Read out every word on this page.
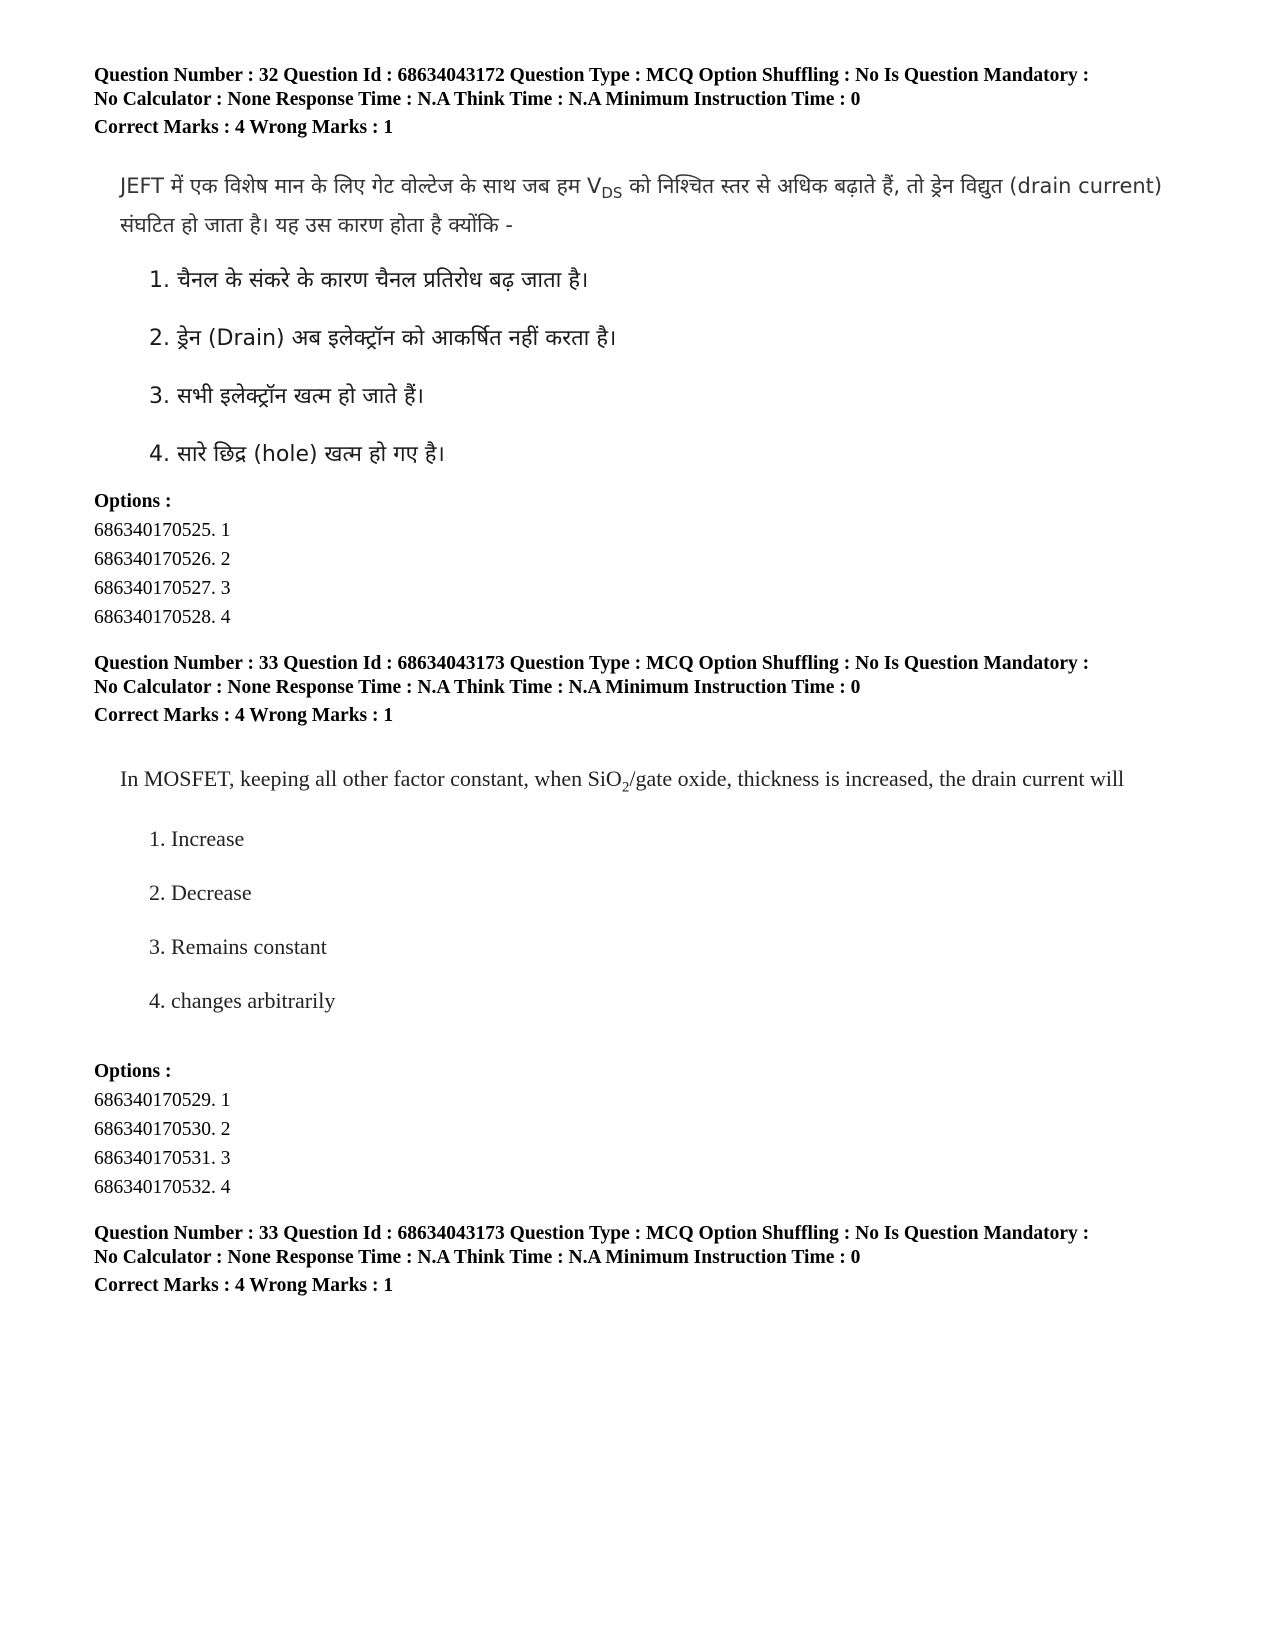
Question Number : 32 Question Id : 68634043172 Question Type : MCQ Option Shuffling : No Is Question Mandatory :
No Calculator : None Response Time : N.A Think Time : N.A Minimum Instruction Time : 0
Correct Marks : 4 Wrong Marks : 1
JEFT में एक विशेष मान के लिए गेट वोल्टेज के साथ जब हम $V_{DS}$ को निश्चित स्तर से अधिक बढ़ाते हैं, तो ड्रेन विद्युत (drain current) संघटित हो जाता है। यह उस कारण होता है क्योंकि -
1. चैनल के संकरे के कारण चैनल प्रतिरोध बढ़ जाता है।
2. ड्रेन (Drain) अब इलेक्ट्रॉन को आकर्षित नहीं करता है।
3. सभी इलेक्ट्रॉन खत्म हो जाते हैं।
4. सारे छिद्र (hole) खत्म हो गए है।
Options :
686340170525. 1
686340170526. 2
686340170527. 3
686340170528. 4
Question Number : 33 Question Id : 68634043173 Question Type : MCQ Option Shuffling : No Is Question Mandatory :
No Calculator : None Response Time : N.A Think Time : N.A Minimum Instruction Time : 0
Correct Marks : 4 Wrong Marks : 1
In MOSFET, keeping all other factor constant, when SiO$_2$/gate oxide, thickness is increased, the drain current will
1. Increase
2. Decrease
3. Remains constant
4. changes arbitrarily
Options :
686340170529. 1
686340170530. 2
686340170531. 3
686340170532. 4
Question Number : 33 Question Id : 68634043173 Question Type : MCQ Option Shuffling : No Is Question Mandatory :
No Calculator : None Response Time : N.A Think Time : N.A Minimum Instruction Time : 0
Correct Marks : 4 Wrong Marks : 1
